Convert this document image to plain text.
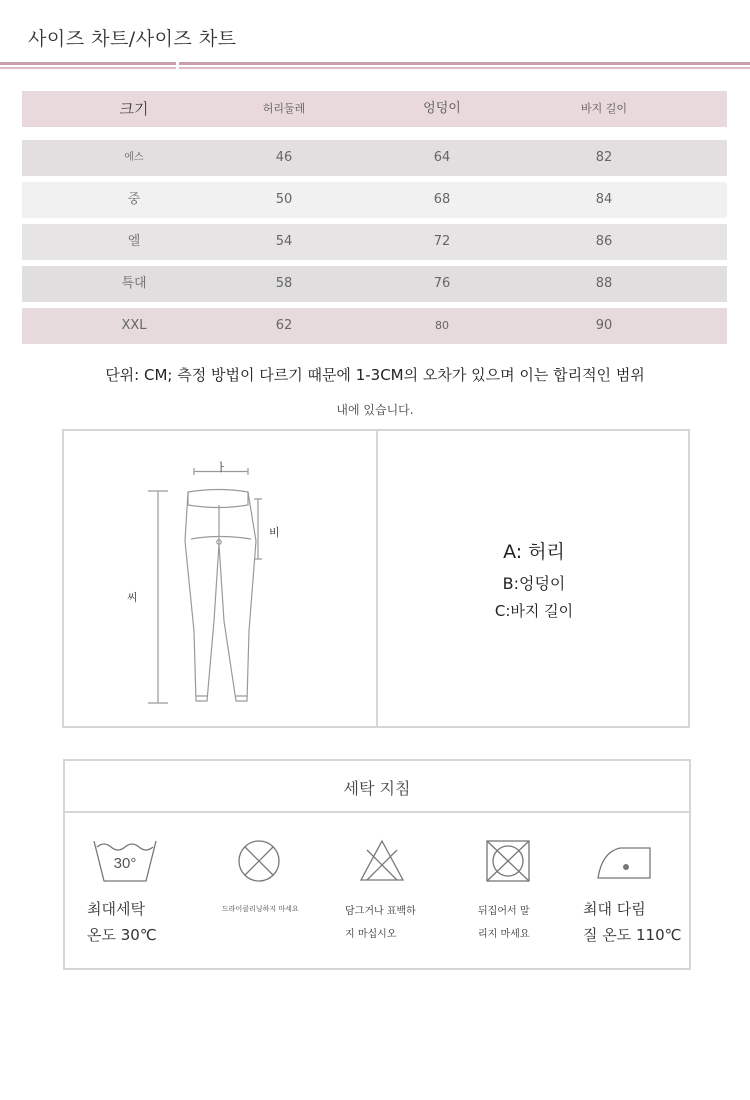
사이즈 차트/사이즈 차트
크기	허리둘레	엉덩이	바지 길이
에스	46	64	82
중	50	68	84
엘	54	72	86
특대	58	76	88
XXL	62	80	90
단위: CM; 측정 방법이 다르기 때문에 1-3CM의 오차가 있으며 이는 합리적인 범위
내에 있습니다.
ㅏ
비
씨
A: 허리
B:엉덩이
C:바지 길이
세탁 지침
30°
최대세탁
온도 30℃
드라이클리닝하지 마세요	담그거나 표백하
지 마십시오
뒤집어서 말
리지 마세요
최대 다림
질 온도 110℃
